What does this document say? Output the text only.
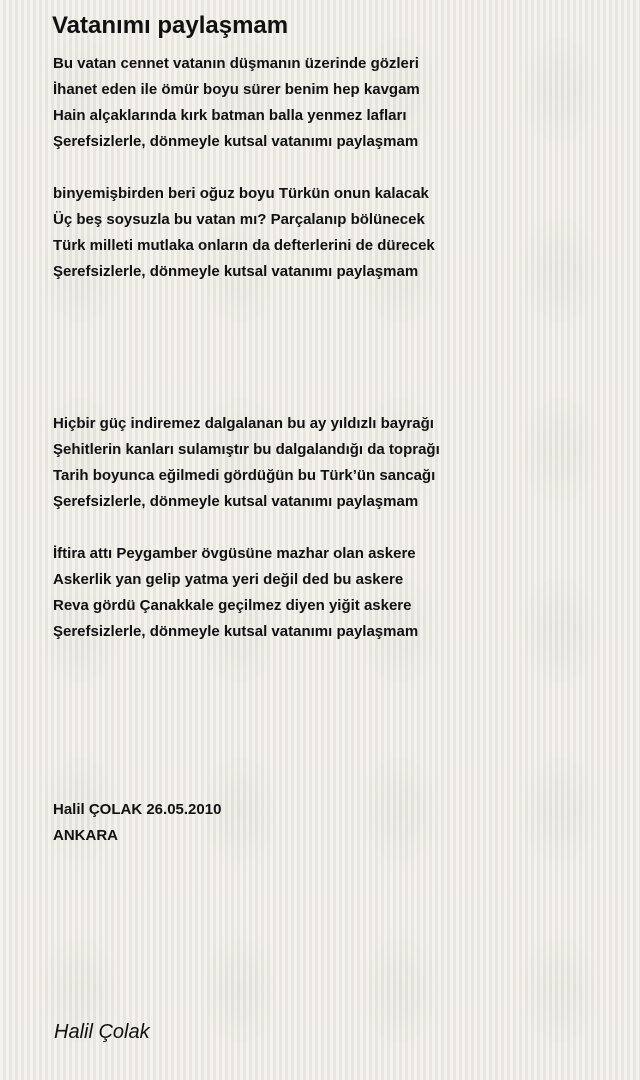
Vatanımı paylaşmam
Bu vatan cennet vatanın düşmanın üzerinde gözleri
İhanet eden ile ömür boyu sürer benim hep kavgam
Hain alçaklarında kırk batman balla yenmez lafları
Şerefsizlerle, dönmeyle kutsal vatanımı paylaşmam
binyemişbirden beri oğuz boyu Türkün onun kalacak
Üç beş soysuzla bu vatan mı? Parçalanıp bölünecek
Türk milleti mutlaka onların da defterlerini de dürecek
Şerefsizlerle, dönmeyle kutsal vatanımı paylaşmam
Hiçbir güç indiremez dalgalanan bu ay yıldızlı bayrağı
Şehitlerin kanları sulamıştır bu dalgalandığı da toprağı
Tarih boyunca eğilmedi gördüğün bu Türk’ün sancağı
Şerefsizlerle, dönmeyle kutsal vatanımı paylaşmam
İftira attı Peygamber övgüsüne mazhar olan askere
Askerlik yan gelip yatma yeri değil ded bu askere
Reva gördü Çanakkale geçilmez diyen yiğit askere
Şerefsizlerle, dönmeyle kutsal vatanımı paylaşmam
Halil ÇOLAK 26.05.2010
ANKARA
Halil Çolak
